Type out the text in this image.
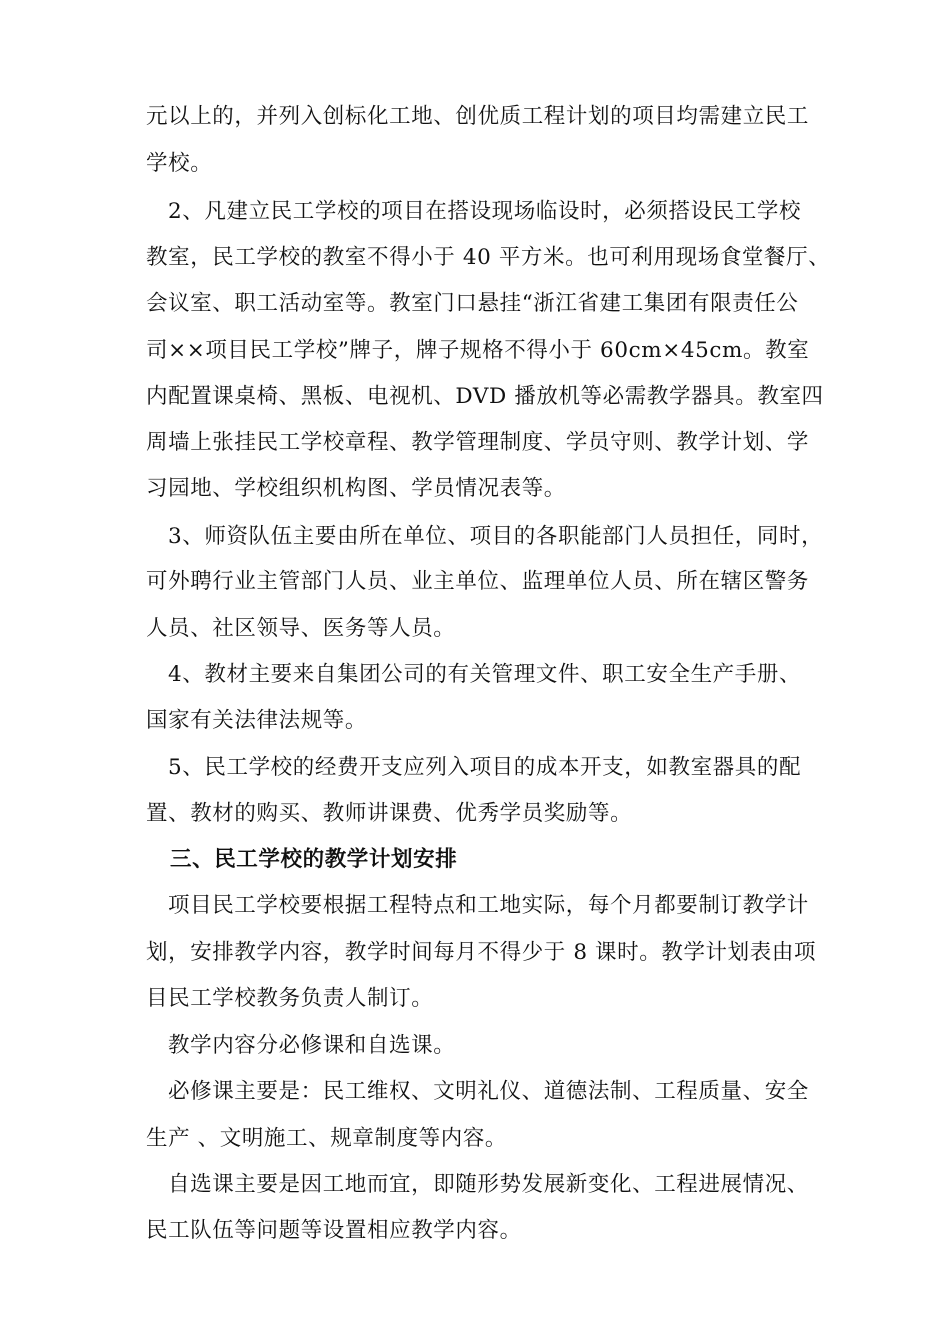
元以上的，并列入创标化工地、创优质工程计划的项目均需建立民工
学校。
2、凡建立民工学校的项目在搭设现场临设时，必须搭设民工学校
教室，民工学校的教室不得小于 40 平方米。也可利用现场食堂餐厅、
会议室、职工活动室等。教室门口悬挂“浙江省建工集团有限责任公
司××项目民工学校”牌子，牌子规格不得小于 60cm×45cm。教室
内配置课桌椅、黑板、电视机、DVD 播放机等必需教学器具。教室四
周墙上张挂民工学校章程、教学管理制度、学员守则、教学计划、学
习园地、学校组织机构图、学员情况表等。
3、师资队伍主要由所在单位、项目的各职能部门人员担任，同时，
可外聘行业主管部门人员、业主单位、监理单位人员、所在辖区警务
人员、社区领导、医务等人员。
4、教材主要来自集团公司的有关管理文件、职工安全生产手册、
国家有关法律法规等。
5、民工学校的经费开支应列入项目的成本开支，如教室器具的配
置、教材的购买、教师讲课费、优秀学员奖励等。
三、民工学校的教学计划安排
项目民工学校要根据工程特点和工地实际，每个月都要制订教学计
划，安排教学内容，教学时间每月不得少于 8 课时。教学计划表由项
目民工学校教务负责人制订。
教学内容分必修课和自选课。
必修课主要是：民工维权、文明礼仪、道德法制、工程质量、安全
生产 、文明施工、规章制度等内容。
自选课主要是因工地而宜，即随形势发展新变化、工程进展情况、
民工队伍等问题等设置相应教学内容。
